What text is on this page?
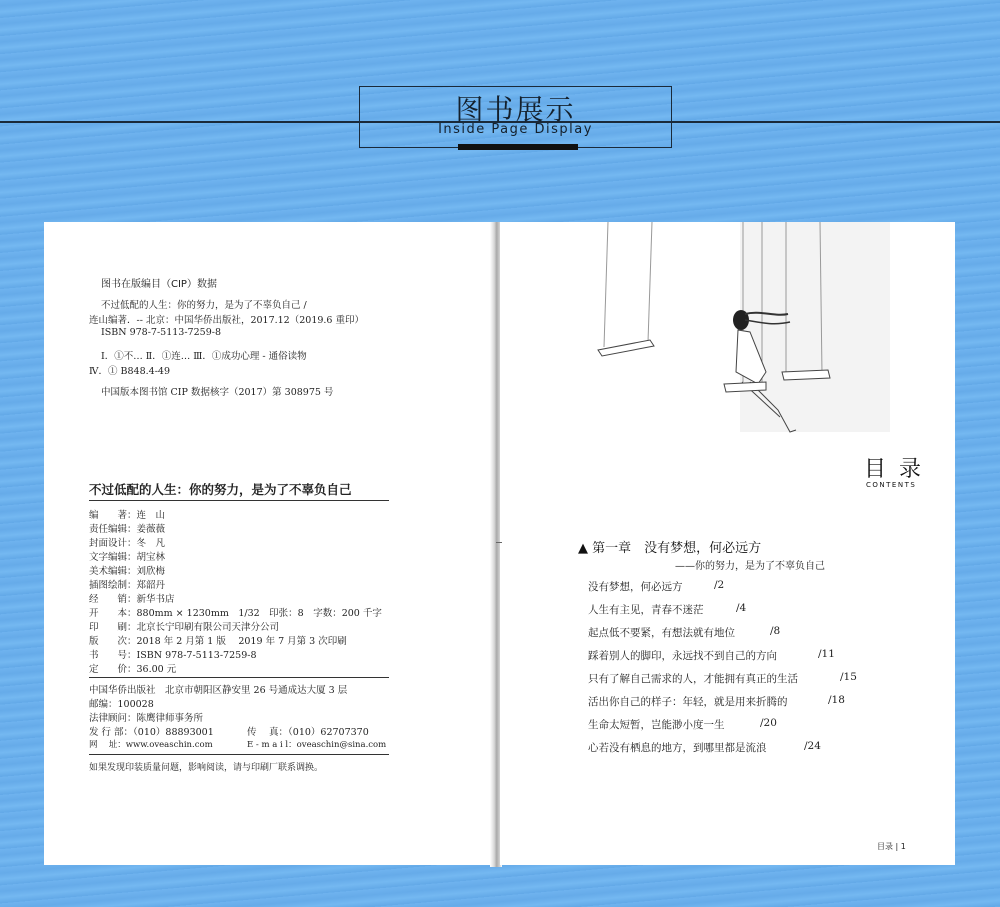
图书展示
Inside Page Display
图书在版编目（CIP）数据
不过低配的人生：你的努力，是为了不辜负自己 /
连山编著．-- 北京：中国华侨出版社，2017.12（2019.6 重印）
ISBN 978-7-5113-7259-8
Ⅰ．①不… Ⅱ．①连… Ⅲ．①成功心理 - 通俗读物
Ⅳ．① B848.4-49
中国版本图书馆 CIP 数据核字（2017）第 308975 号
不过低配的人生：你的努力，是为了不辜负自己
编　　著：连　山
责任编辑：姜薇薇
封面设计：冬　凡
文字编辑：胡宝林
美术编辑：刘欣梅
插图绘制：郑韶丹
经　　销：新华书店
开　　本：880mm × 1230mm　1/32　印张：8　字数：200 千字
印　　刷：北京长宁印刷有限公司天津分公司
版　　次：2018 年 2 月第 1 版　 2019 年 7 月第 3 次印刷
书　　号：ISBN 978-7-5113-7259-8
定　　价：36.00 元
中国华侨出版社　北京市朝阳区静安里 26 号通成达大厦 3 层
邮编：100028
法律顾问：陈鹰律师事务所
发 行 部：（010）88893001	传　 真：（010）62707370
网　 址：www.oveaschin.com	E - m a i l：oveaschin@sina.com
如果发现印装质量问题，影响阅读，请与印刷厂联系调换。
目 录
CONTENTS
▲ 第一章　没有梦想，何必远方
——你的努力，是为了不辜负自己
没有梦想，何必远方	/2
人生有主见，青春不迷茫	/4
起点低不要紧，有想法就有地位	/8
踩着别人的脚印，永远找不到自己的方向	/11
只有了解自己需求的人，才能拥有真正的生活	/15
活出你自己的样子：年轻，就是用来折腾的	/18
生命太短暂，岂能渺小度一生	/20
心若没有栖息的地方，到哪里都是流浪	/24
目录 | 1
